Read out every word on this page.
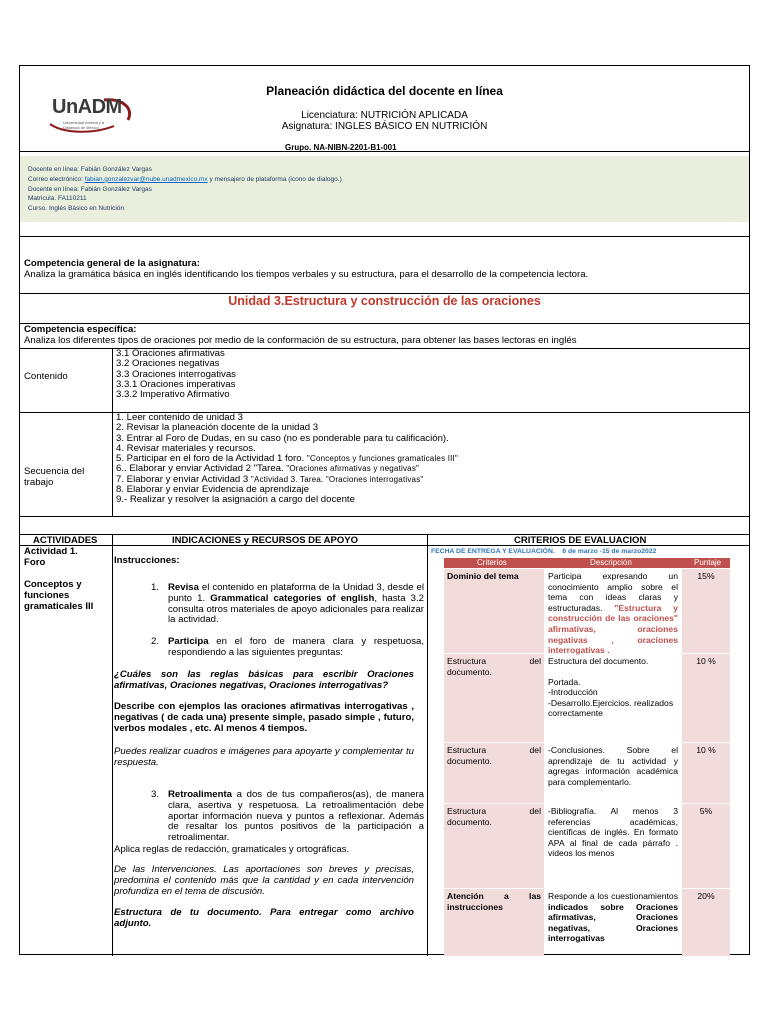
UnADM
Universidad Abierta y a Distancia de México
Planeación didáctica del docente en línea
Licenciatura: NUTRICIÓN APLICADA
Asignatura: INGLES BÁSICO EN NUTRICIÓN
Grupo. NA-NIBN-2201-B1-001
Docente en línea: Fabián González Vargas
Correo electrónico: fabian.gonzalezvar@nube.unadmexico.mx y mensajero de plataforma (icono de dialogo.)
Docente en línea: Fabián González Vargas
Matricula. FA110211
Curso. Inglés Básico en Nutrición
Competencia general de la asignatura:
Analiza la gramática básica en inglés identificando los tiempos verbales y su estructura, para el desarrollo de la competencia lectora.
Unidad 3.Estructura y construcción de las oraciones
Competencia específica:
Analiza los diferentes tipos de oraciones por medio de la conformación de su estructura, para obtener las bases lectoras en inglés
Contenido
3.1 Oraciones afirmativas
3.2 Oraciones negativas
3.3 Oraciones interrogativas
3.3.1 Oraciones imperativas
3.3.2 Imperativo Afirmativo
Secuencia del
trabajo
1. Leer contenido de unidad 3
2. Revisar la planeación docente de la unidad 3
3. Entrar al Foro de Dudas, en su caso (no es ponderable para tu calificación).
4. Revisar materiales y recursos.
5. Participar en el foro de la Actividad 1 foro. "Conceptos y funciones gramaticales III"
6.. Elaborar y enviar Actividad 2 "Tarea. "Oraciones afirmativas y negativas"
7. Elaborar y enviar Actividad 3 "Actividad 3. Tarea. "Oraciones interrogativas"
8. Elaborar y enviar Evidencia de aprendizaje
9.- Realizar y resolver la asignación a cargo del docente
ACTIVIDADES	INDICACIONES y RECURSOS DE APOYO	CRITERIOS DE EVALUACION
Actividad 1. Foro
Conceptos y funciones gramaticales III

Instrucciones:

1. Revisa el contenido en plataforma de la Unidad 3, desde el punto 1. Grammatical categories of english, hasta 3.2 consulta otros materiales de apoyo adicionales para realizar la actividad.

2. Participa en el foro de manera clara y respetuosa, respondiendo a las siguientes preguntas:

¿Cuáles son las reglas básicas para escribir Oraciones afirmativas, Oraciones negativas, Oraciones interrogativas?

Describe con ejemplos las oraciones afirmativas interrogativas , negativas ( de cada una) presente simple, pasado simple , futuro, verbos modales , etc. Al menos 4 tiempos.

Puedes realizar cuadros e imágenes para apoyarte y complementar tu respuesta.

3. Retroalimenta a dos de tus compañeros(as), de manera clara, asertiva y respetuosa. La retroalimentación debe aportar información nueva y puntos a reflexionar. Además de resaltar los puntos positivos de la participación a retroalimentar.

Aplica reglas de redacción, gramaticales y ortográficas.

De las Intervenciones. Las aportaciones son breves y precisas, predomina el contenido más que la cantidad y en cada intervención profundiza en el tema de discusión.

Estructura de tu documento. Para entregar como archivo adjunto.

FECHA DE ENTREGA Y EVALUACIÓN. 6 de marzo -15 de marzo2022
Criterios	Descripción	Puntaje
Dominio del tema	Participa expresando un conocimiento amplio sobre el tema con ideas claras y estructuradas. "Estructura y construcción de las oraciones" afirmativas, oraciones negativas , oraciones interrogativas .
15%
Estructura del documento.
Estructura del documento.
Portada.
-Introducción
-Desarrollo.Ejercicios. realizados correctamente
10 %
Estructura del documento.
-Conclusiones. Sobre el aprendizaje de tu actividad y agregas información académica para complementarlo.
10 %
Estructura del documento.
-Bibliografía. Al menos 3 referencias académicas, científicas de inglés. En formato APA al final de cada párrafo . videos los menos
5%
Atención a las instrucciones
Responde a los cuestionamientos indicados sobre Oraciones afirmativas, Oraciones negativas, Oraciones interrogativas
20%
